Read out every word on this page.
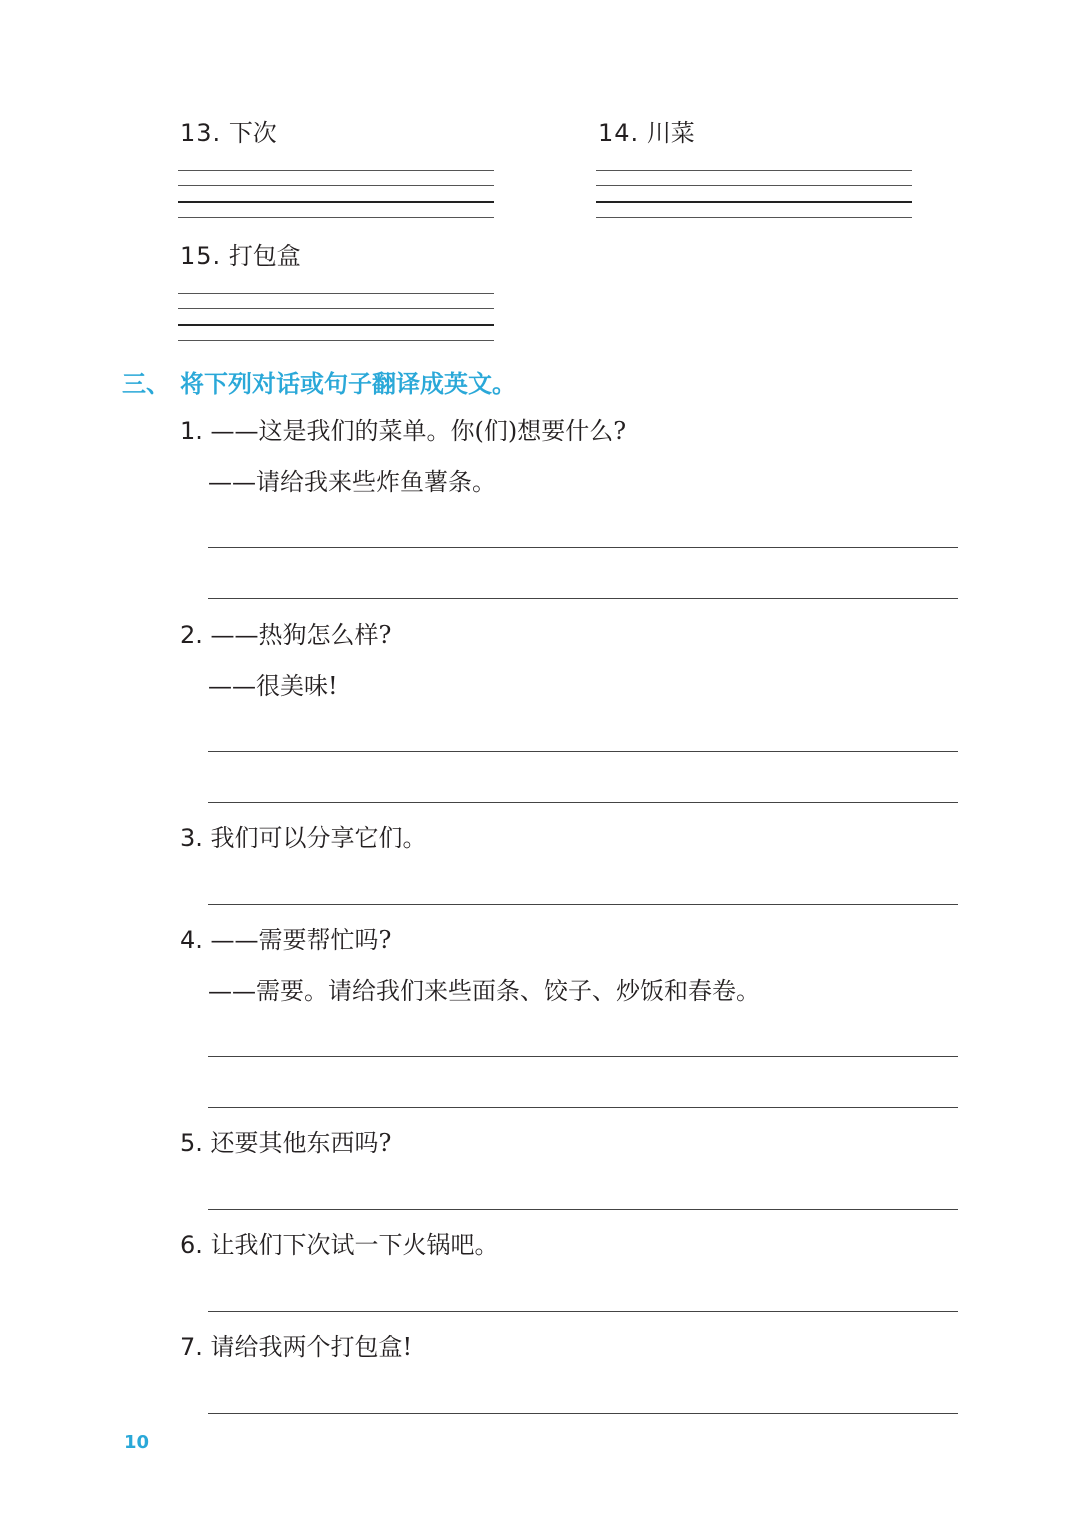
13. 下次	14. 川菜
15. 打包盒
三、 将下列对话或句子翻译成英文。
1. ——这是我们的菜单。你(们)想要什么?
——请给我来些炸鱼薯条。
2. ——热狗怎么样?
——很美味!
3. 我们可以分享它们。
4. ——需要帮忙吗?
——需要。请给我们来些面条、饺子、炒饭和春卷。
5. 还要其他东西吗?
6. 让我们下次试一下火锅吧。
7. 请给我两个打包盒!
10
